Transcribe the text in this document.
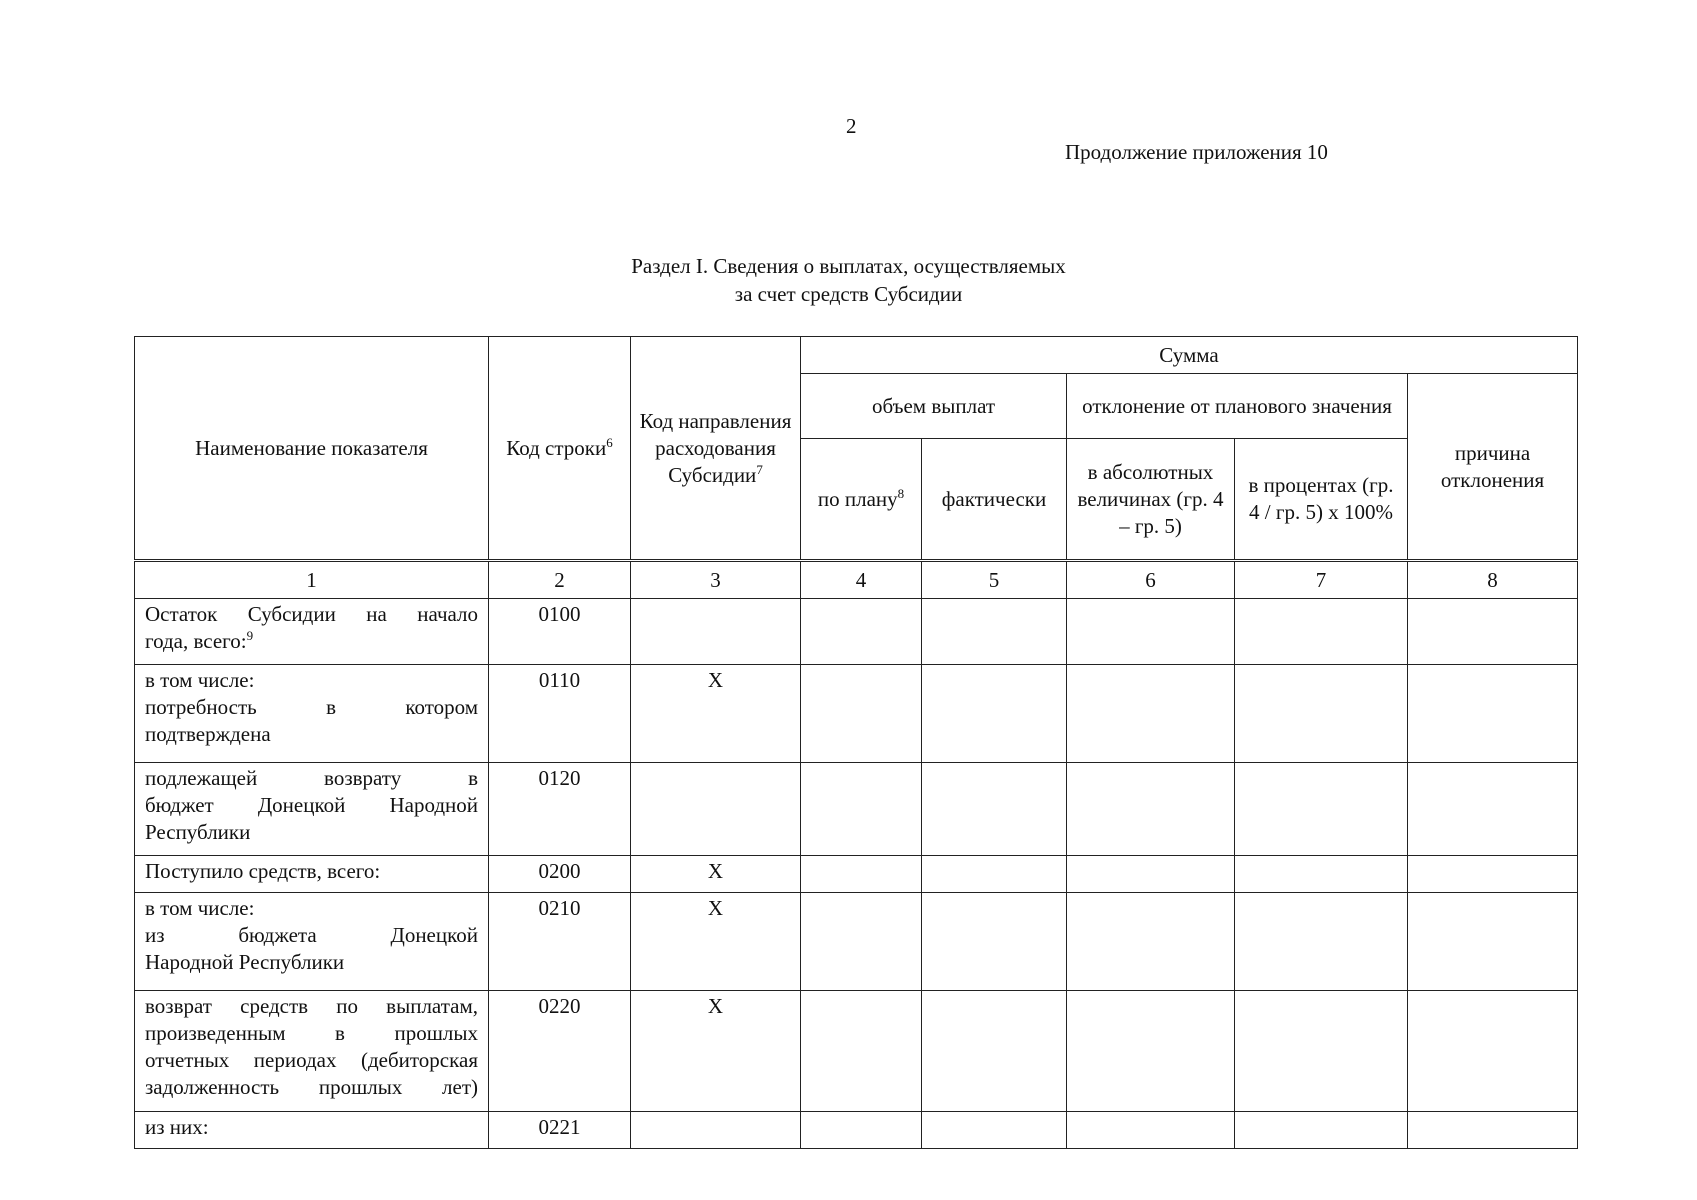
2
Продолжение приложения 10
Раздел I. Сведения о выплатах, осуществляемых
за счет средств Субсидии
Наименование показателя	Код строки$^6$	Код направления расходования Субсидии$^7$	Сумма				
			объем выплат		отклонение от планового значения		причина отклонения
			по плану$^8$	фактически	в абсолютных величинах (гр. 4 – гр. 5)	в процентах (гр. 4 / гр. 5) x 100%	
1	2	3	4	5	6	7	8

Остаток Субсидии на начало
года, всего:$^9$	0100						

в том числе:
потребность в котором
подтверждена	0110	X					

подлежащей возврату в
бюджет Донецкой Народной
Республики	0120						

Поступило средств, всего:	0200	X					

в том числе:
из бюджета Донецкой
Народной Республики	0210	X					

возврат средств по выплатам,
произведенным в прошлых
отчетных периодах (дебиторская
задолженность прошлых лет)	0220	X					

из них:	0221						
